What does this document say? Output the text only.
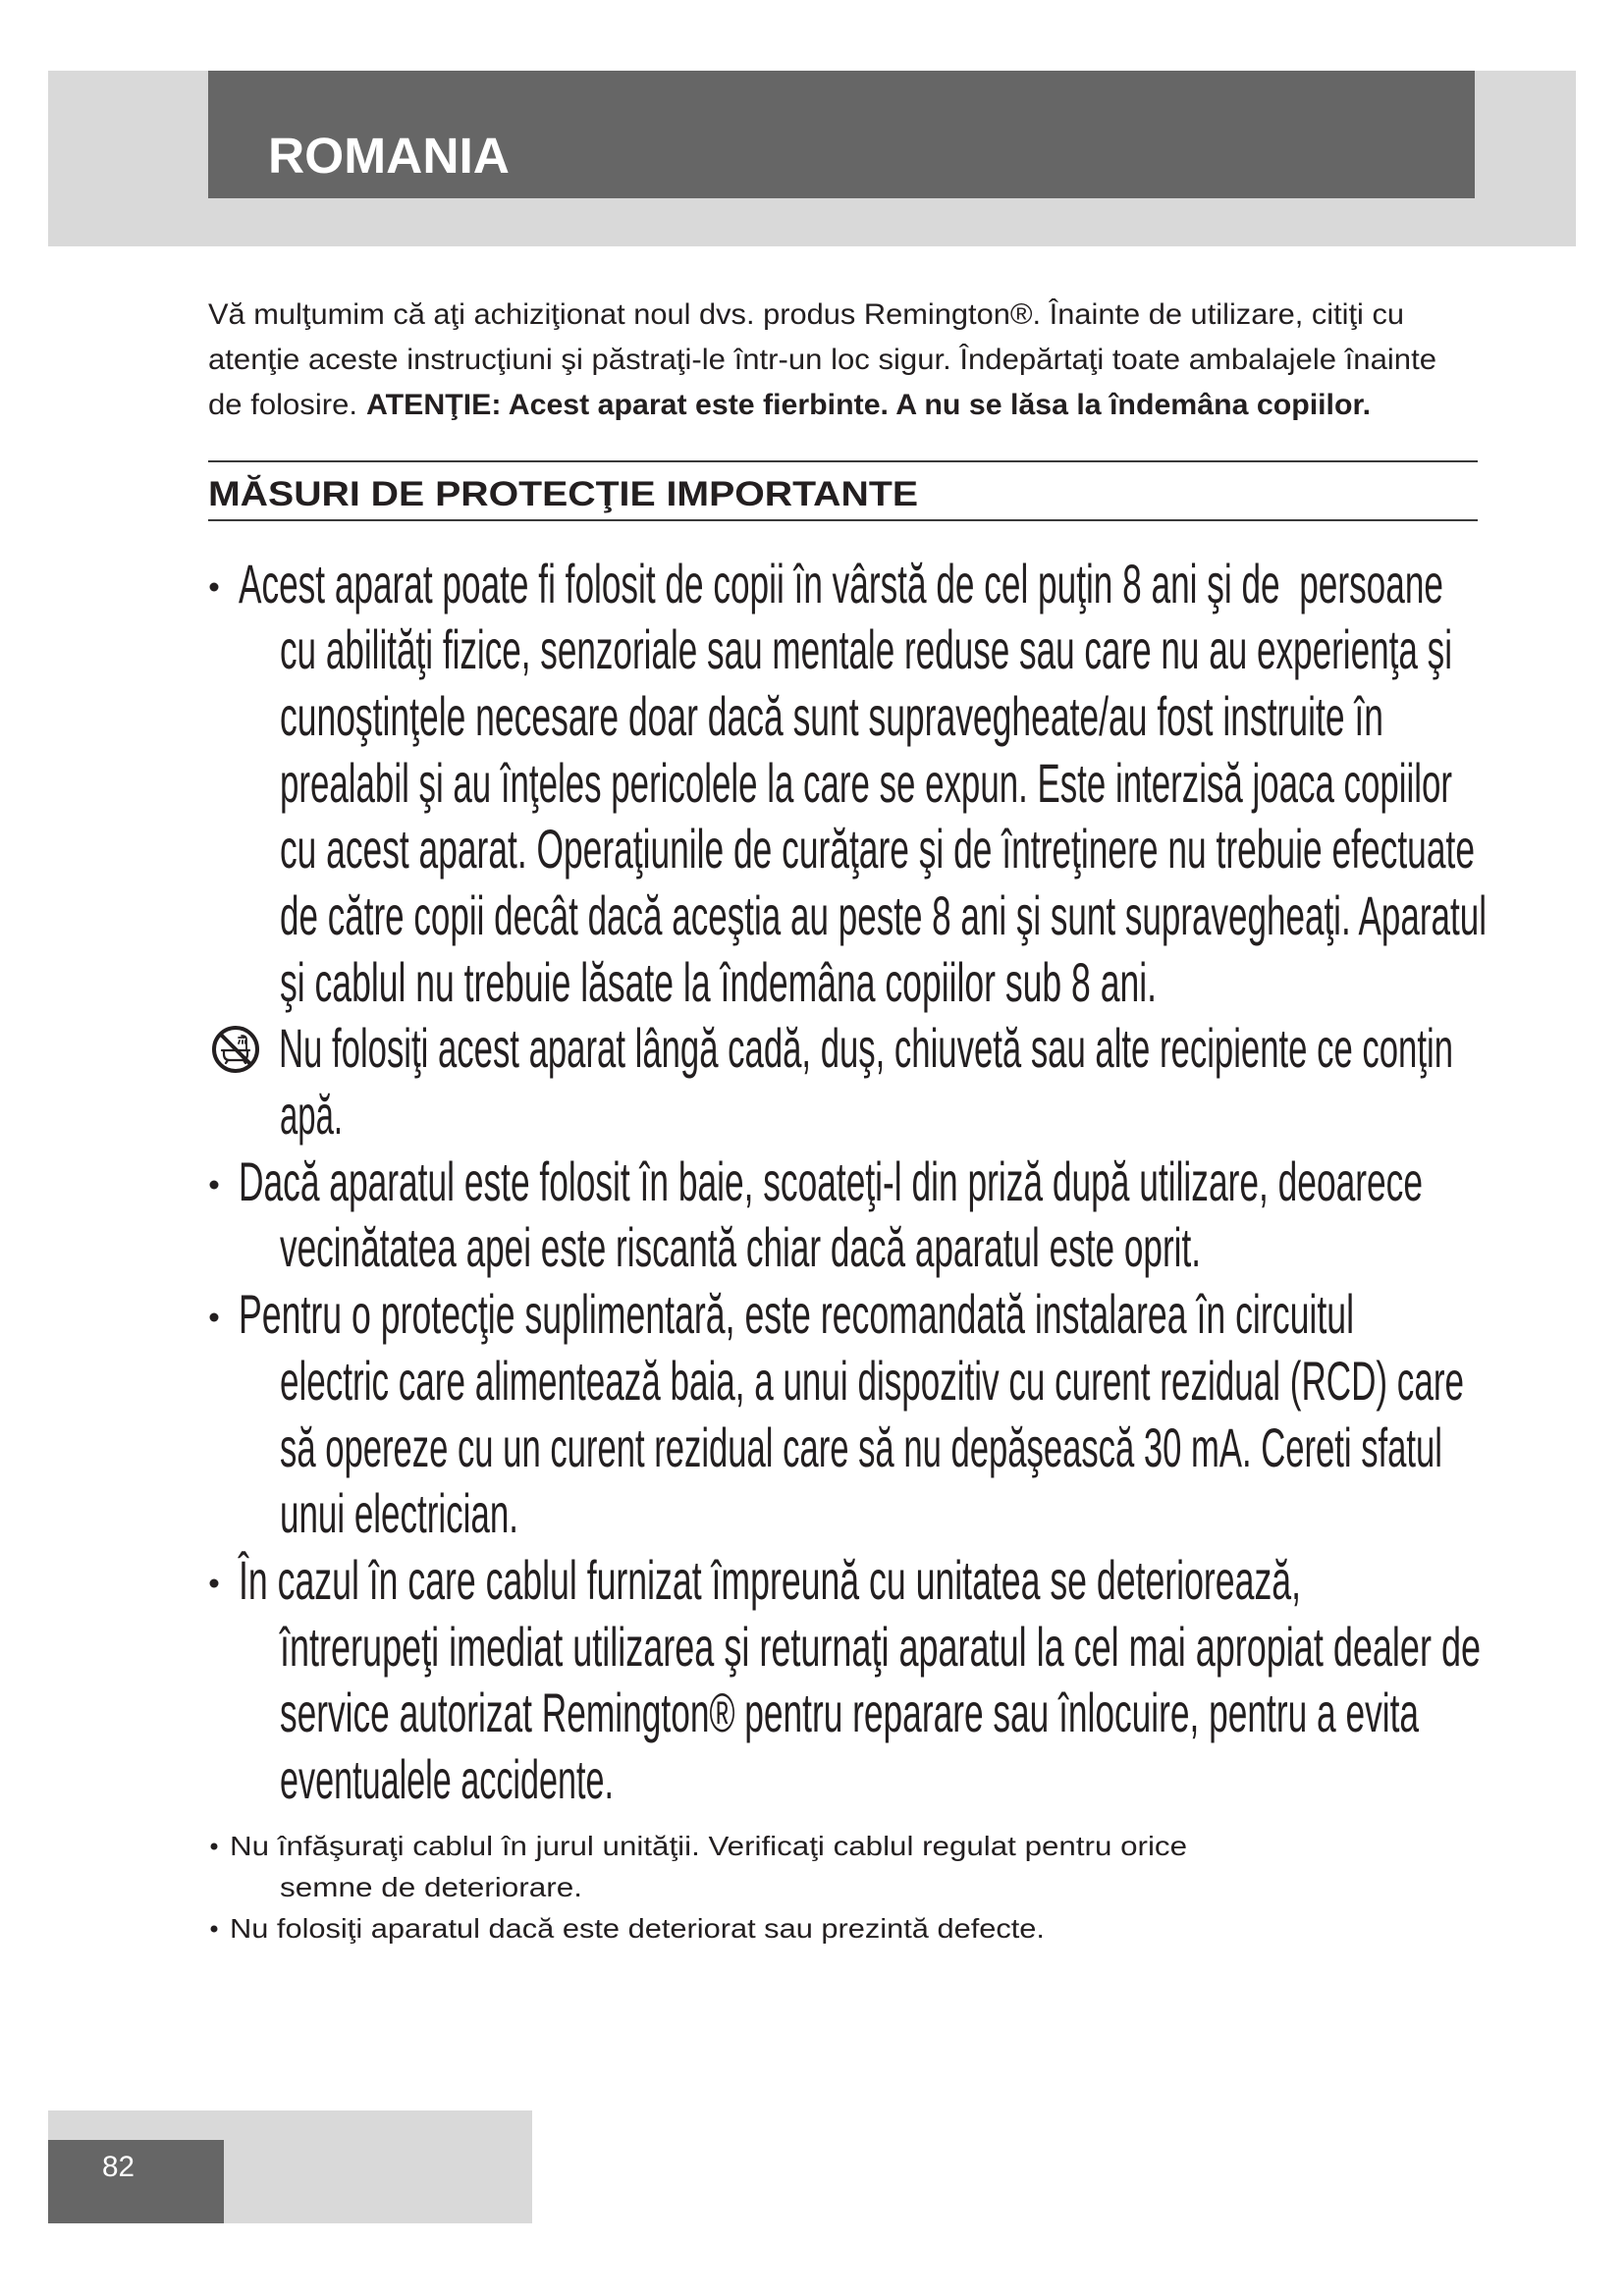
ROMANIA
Vă mulţumim că aţi achiziţionat noul dvs. produs Remington®. Înainte de utilizare, citiţi cu
atenţie aceste instrucţiuni şi păstraţi-le într-un loc sigur. Îndepărtaţi toate ambalajele înainte
de folosire. ATENŢIE: Acest aparat este fierbinte. A nu se lăsa la îndemâna copiilor.
MĂSURI DE PROTECŢIE IMPORTANTE
Acest aparat poate fi folosit de copii în vârstă de cel puţin 8 ani şi de  persoane
cu abilităţi fizice, senzoriale sau mentale reduse sau care nu au experienţa şi
cunoştinţele necesare doar dacă sunt supravegheate/au fost instruite în
prealabil şi au înţeles pericolele la care se expun. Este interzisă joaca copiilor
cu acest aparat. Operaţiunile de curăţare şi de întreţinere nu trebuie efectuate
de către copii decât dacă aceştia au peste 8 ani şi sunt supravegheaţi. Aparatul
şi cablul nu trebuie lăsate la îndemâna copiilor sub 8 ani.
Nu folosiţi acest aparat lângă cadă, duş, chiuvetă sau alte recipiente ce conţin
apă.
Dacă aparatul este folosit în baie, scoateţi-l din priză după utilizare, deoarece
vecinătatea apei este riscantă chiar dacă aparatul este oprit.
Pentru o protecţie suplimentară, este recomandată instalarea în circuitul
electric care alimentează baia, a unui dispozitiv cu curent rezidual (RCD) care
să opereze cu un curent rezidual care să nu depăşească 30 mA. Cereti sfatul
unui electrician.
În cazul în care cablul furnizat împreună cu unitatea se deteriorează,
întrerupeţi imediat utilizarea şi returnaţi aparatul la cel mai apropiat dealer de
service autorizat Remington® pentru reparare sau înlocuire, pentru a evita
eventualele accidente.
Nu înfăşuraţi cablul în jurul unităţii. Verificaţi cablul regulat pentru orice
semne de deteriorare.
Nu folosiţi aparatul dacă este deteriorat sau prezintă defecte.
82
